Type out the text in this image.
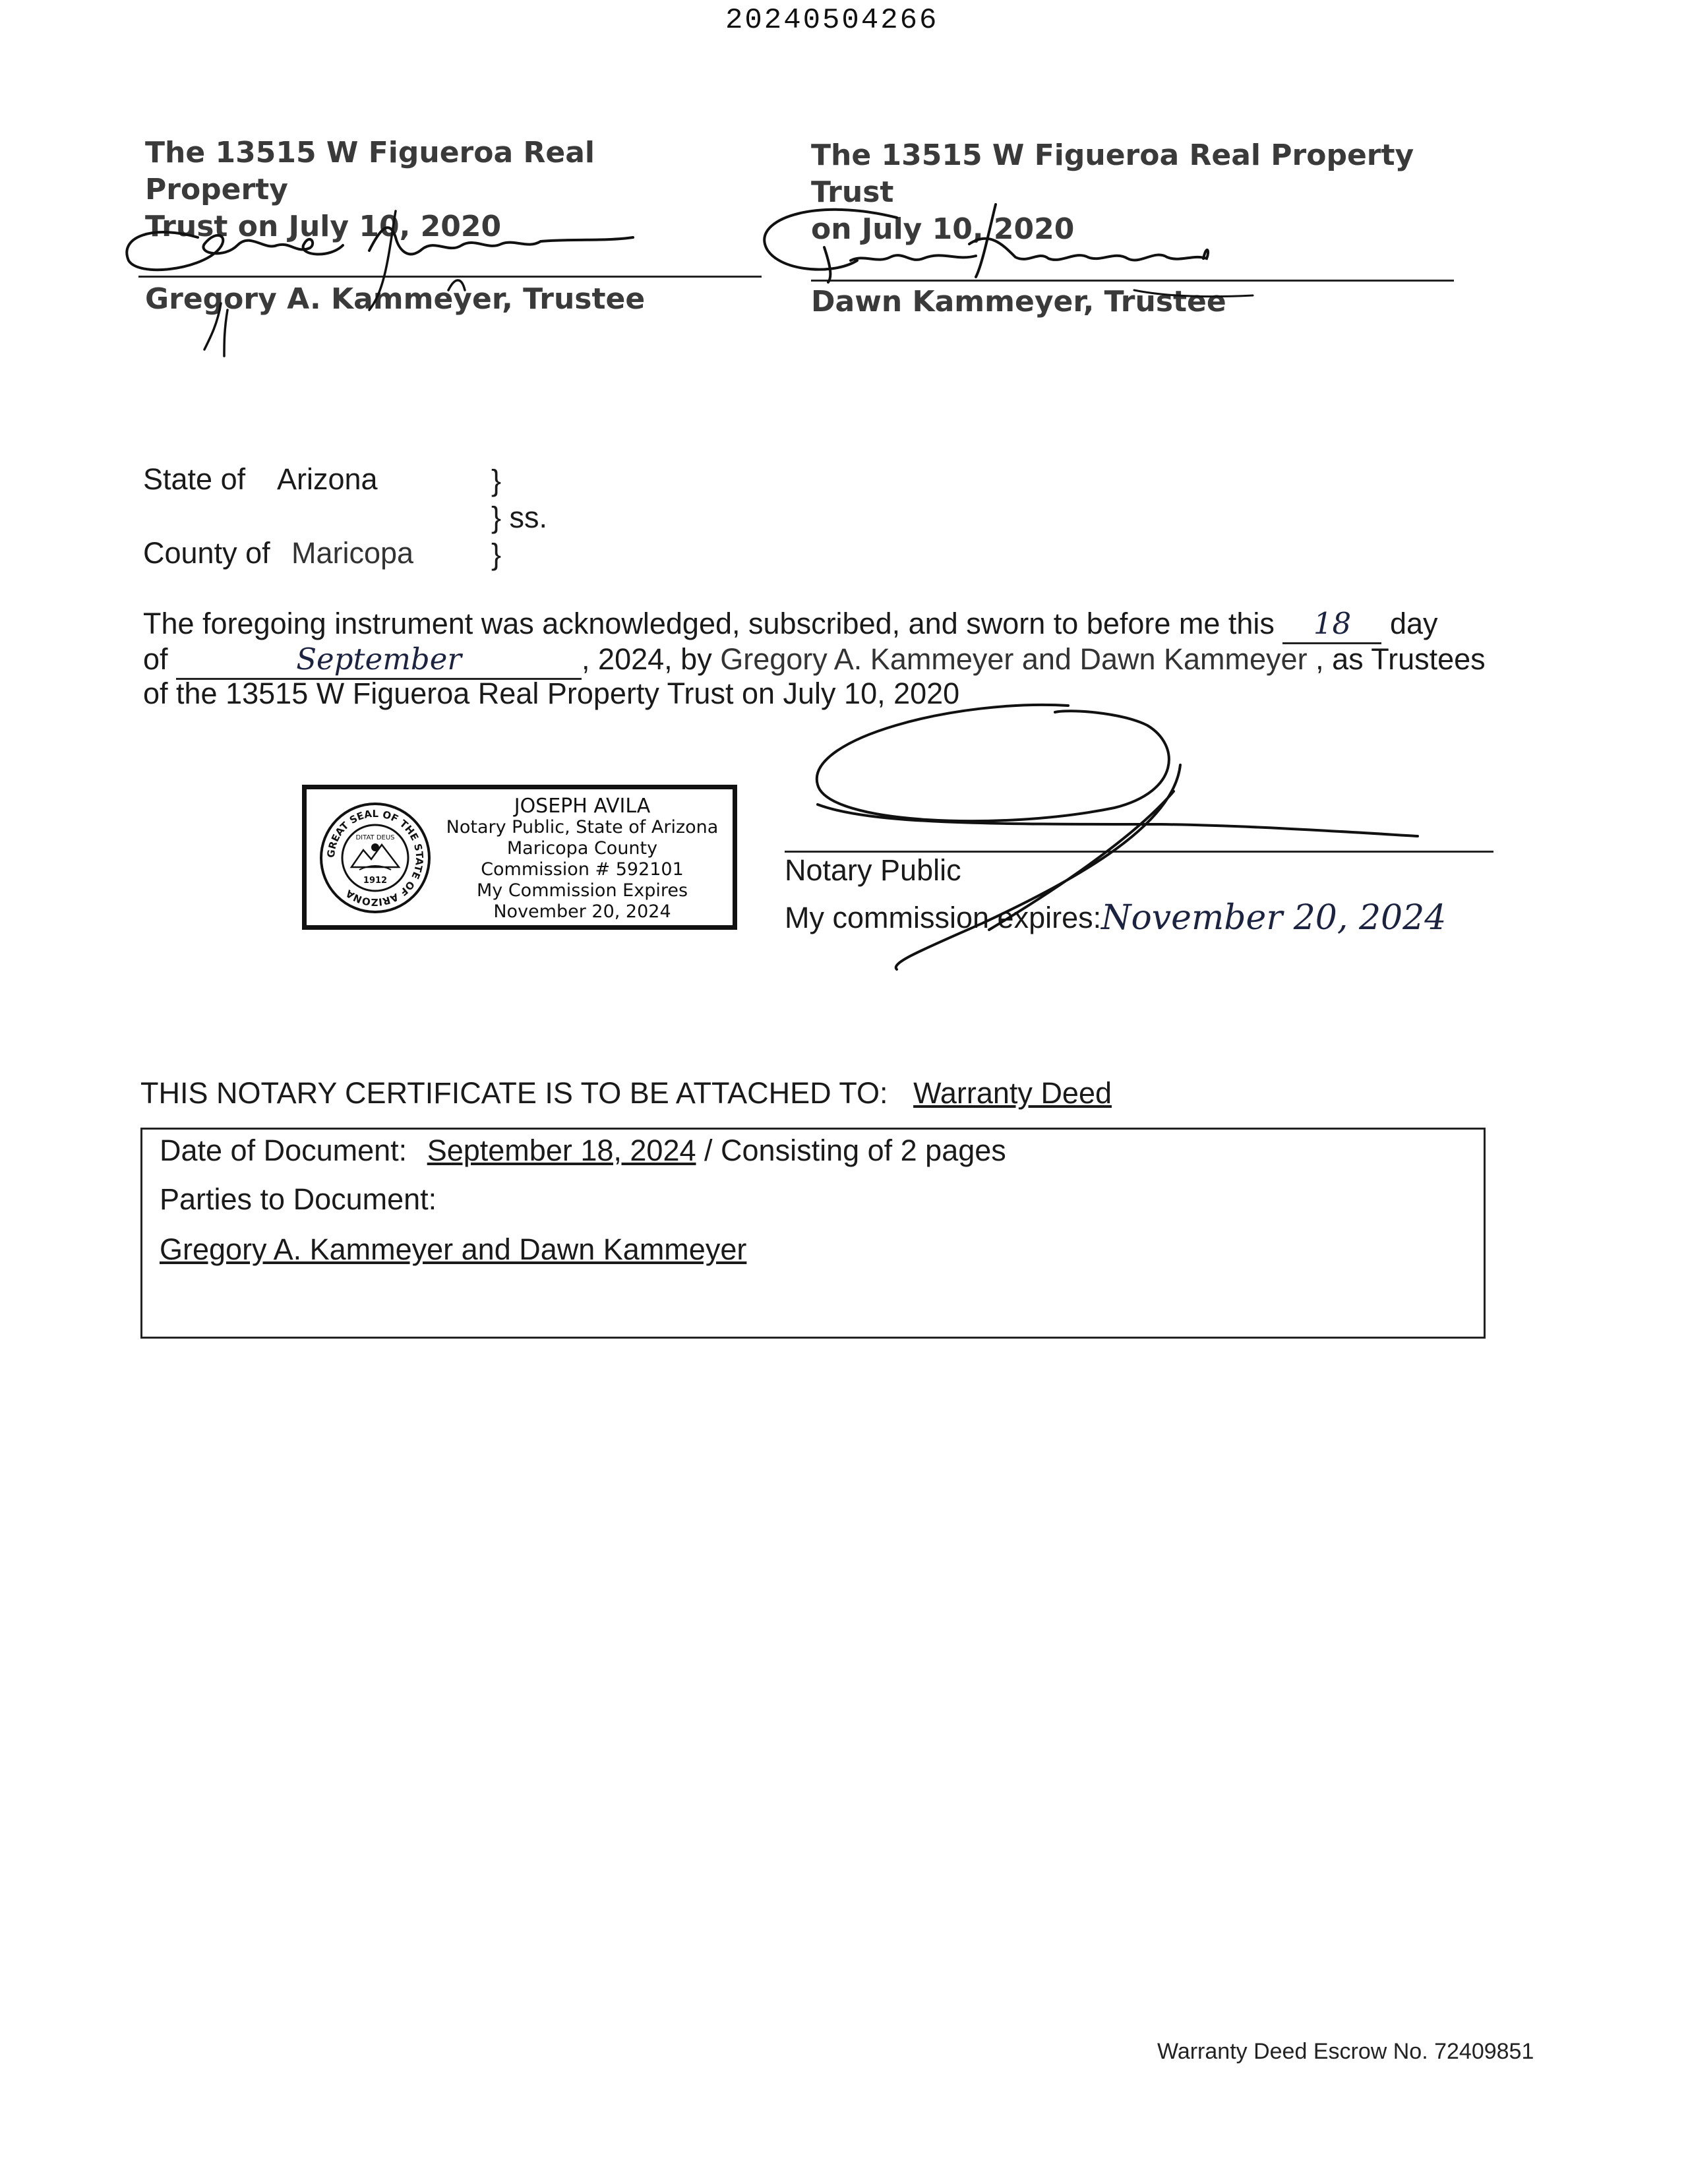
20240504266
The 13515 W Figueroa Real Property
Trust on July 10, 2020
Gregory A. Kammeyer, Trustee
The 13515 W Figueroa Real Property Trust
on July 10, 2020
Dawn Kammeyer, Trustee
State of Arizona
County of Maricopa
}
} ss.
}
The foregoing instrument was acknowledged, subscribed, and sworn to before me this 18 day
of	September	, 2024, by Gregory A. Kammeyer and Dawn Kammeyer , as Trustees
of the 13515 W Figueroa Real Property Trust on July 10, 2020
GREAT SEAL OF THE STATE OF ARIZONA
DITAT DEUS
1912
JOSEPH AVILA
Notary Public, State of Arizona
Maricopa County
Commission # 592101
My Commission Expires
November 20, 2024
Notary Public
My commission expires: November 20, 2024
THIS NOTARY CERTIFICATE IS TO BE ATTACHED TO: Warranty Deed
Date of Document: September 18, 2024 / Consisting of 2 pages
Parties to Document:
Gregory A. Kammeyer and Dawn Kammeyer
Warranty Deed Escrow No. 72409851
